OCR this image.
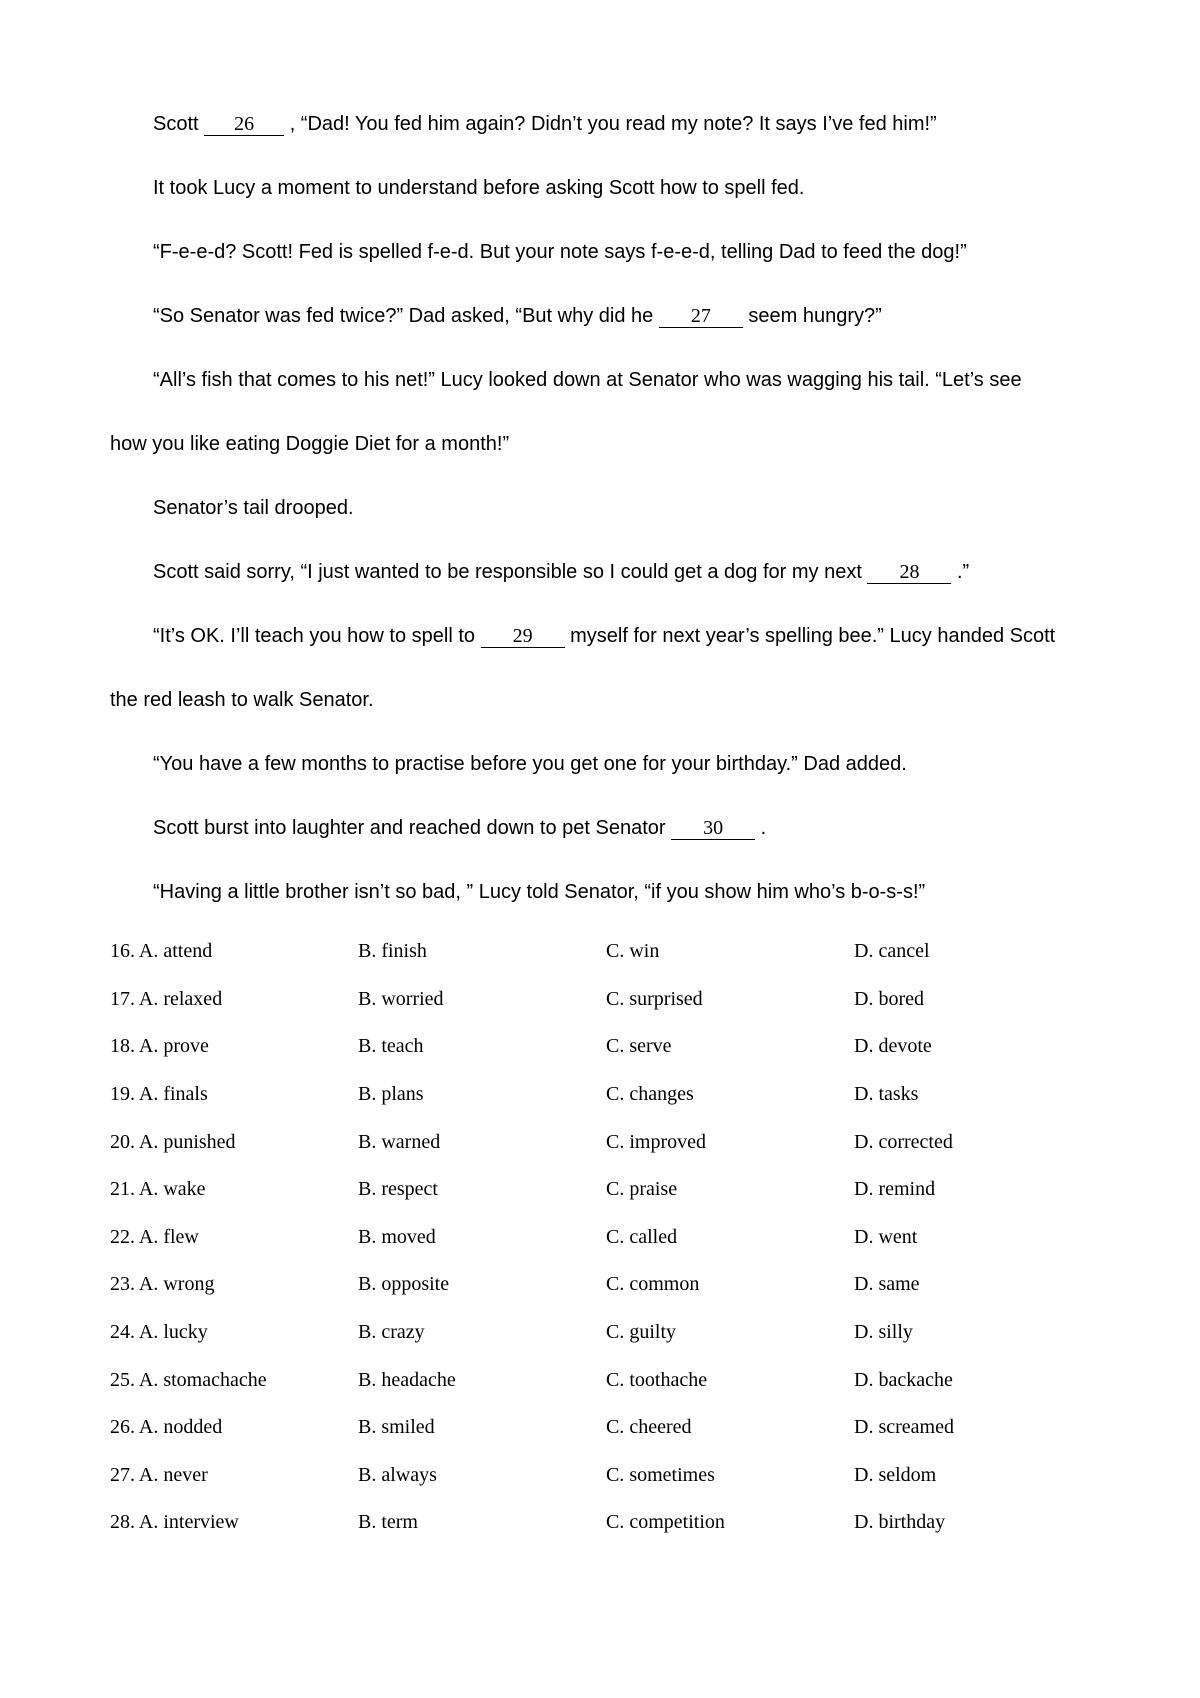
Scott 26 , “Dad! You fed him again? Didn’t you read my note? It says I’ve fed him!”

It took Lucy a moment to understand before asking Scott how to spell fed.

“F-e-e-d? Scott! Fed is spelled f-e-d. But your note says f-e-e-d, telling Dad to feed the dog!”

“So Senator was fed twice?” Dad asked, “But why did he 27 seem hungry?”

“All’s fish that comes to his net!” Lucy looked down at Senator who was wagging his tail. “Let’s see

how you like eating Doggie Diet for a month!”

Senator’s tail drooped.

Scott said sorry, “I just wanted to be responsible so I could get a dog for my next 28 .”

“It’s OK. I’ll teach you how to spell to 29 myself for next year’s spelling bee.” Lucy handed Scott

the red leash to walk Senator.

“You have a few months to practise before you get one for your birthday.” Dad added.

Scott burst into laughter and reached down to pet Senator 30 .

“Having a little brother isn’t so bad, ” Lucy told Senator, “if you show him who’s b-o-s-s!”

16. A. attend	B. finish	C. win	D. cancel
17. A. relaxed	B. worried	C. surprised	D. bored
18. A. prove	B. teach	C. serve	D. devote
19. A. finals	B. plans	C. changes	D. tasks
20. A. punished	B. warned	C. improved	D. corrected
21. A. wake	B. respect	C. praise	D. remind
22. A. flew	B. moved	C. called	D. went
23. A. wrong	B. opposite	C. common	D. same
24. A. lucky	B. crazy	C. guilty	D. silly
25. A. stomachache	B. headache	C. toothache	D. backache
26. A. nodded	B. smiled	C. cheered	D. screamed
27. A. never	B. always	C. sometimes	D. seldom
28. A. interview	B. term	C. competition	D. birthday
